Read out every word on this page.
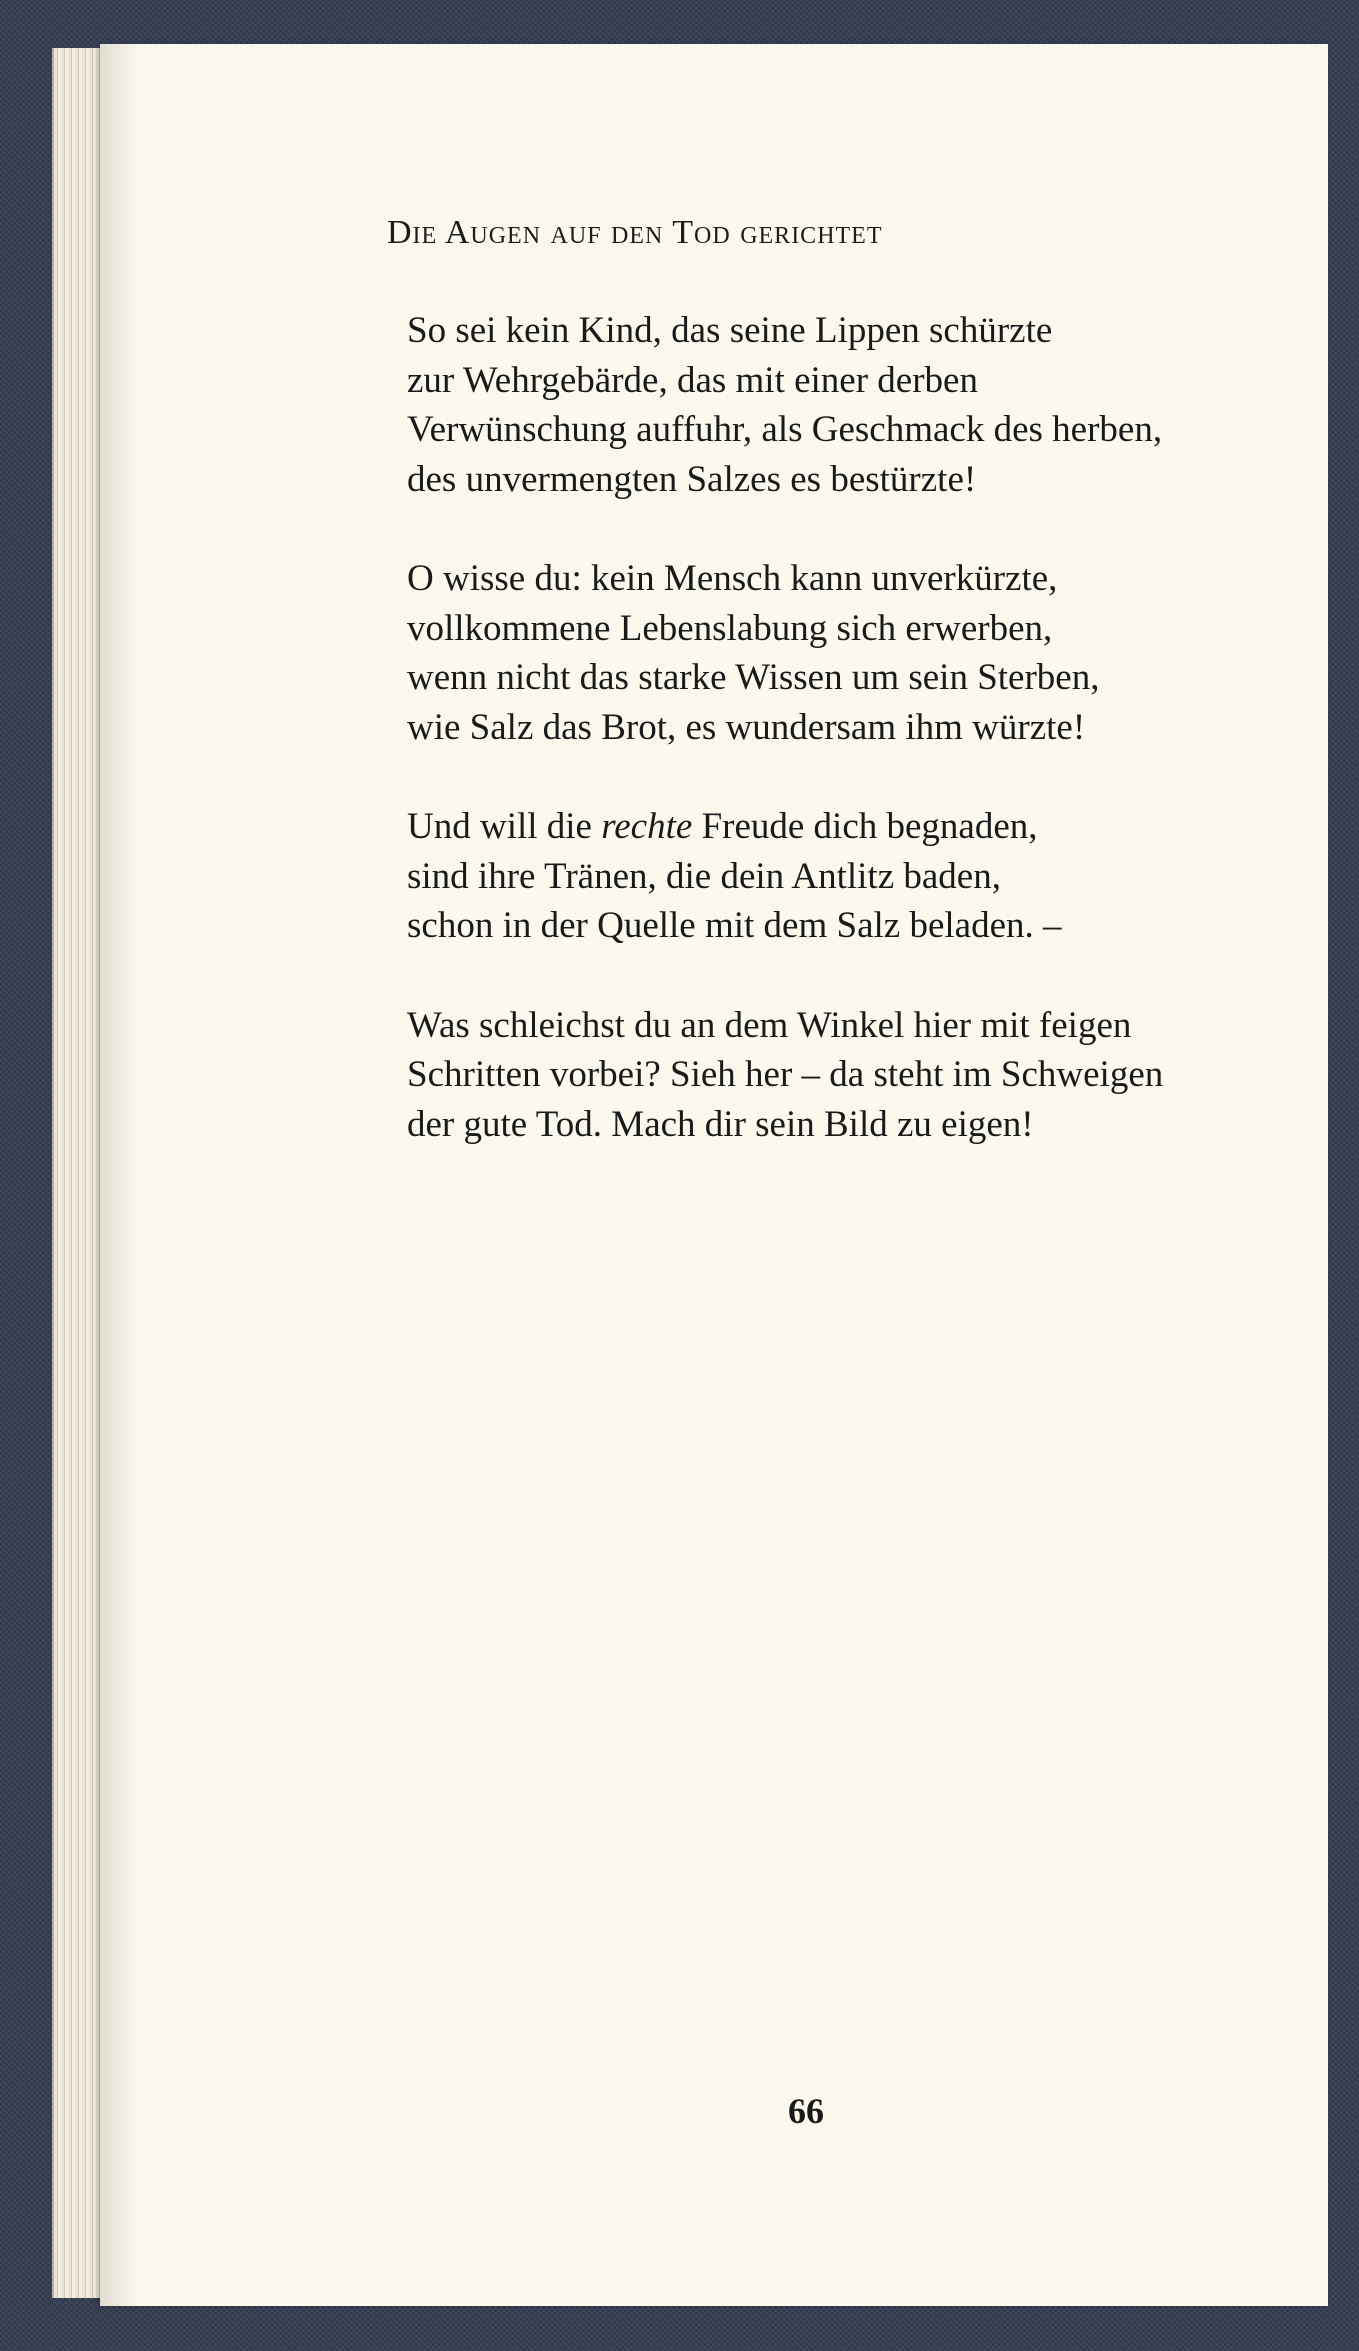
Die Augen auf den Tod gerichtet

So sei kein Kind, das seine Lippen schürzte
zur Wehrgebärde, das mit einer derben
Verwünschung auffuhr, als Geschmack des herben,
des unvermengten Salzes es bestürzte!

O wisse du: kein Mensch kann unverkürzte,
vollkommene Lebenslabung sich erwerben,
wenn nicht das starke Wissen um sein Sterben,
wie Salz das Brot, es wundersam ihm würzte!

Und will die rechte Freude dich begnaden,
sind ihre Tränen, die dein Antlitz baden,
schon in der Quelle mit dem Salz beladen. –

Was schleichst du an dem Winkel hier mit feigen
Schritten vorbei? Sieh her – da steht im Schweigen
der gute Tod. Mach dir sein Bild zu eigen!

66
